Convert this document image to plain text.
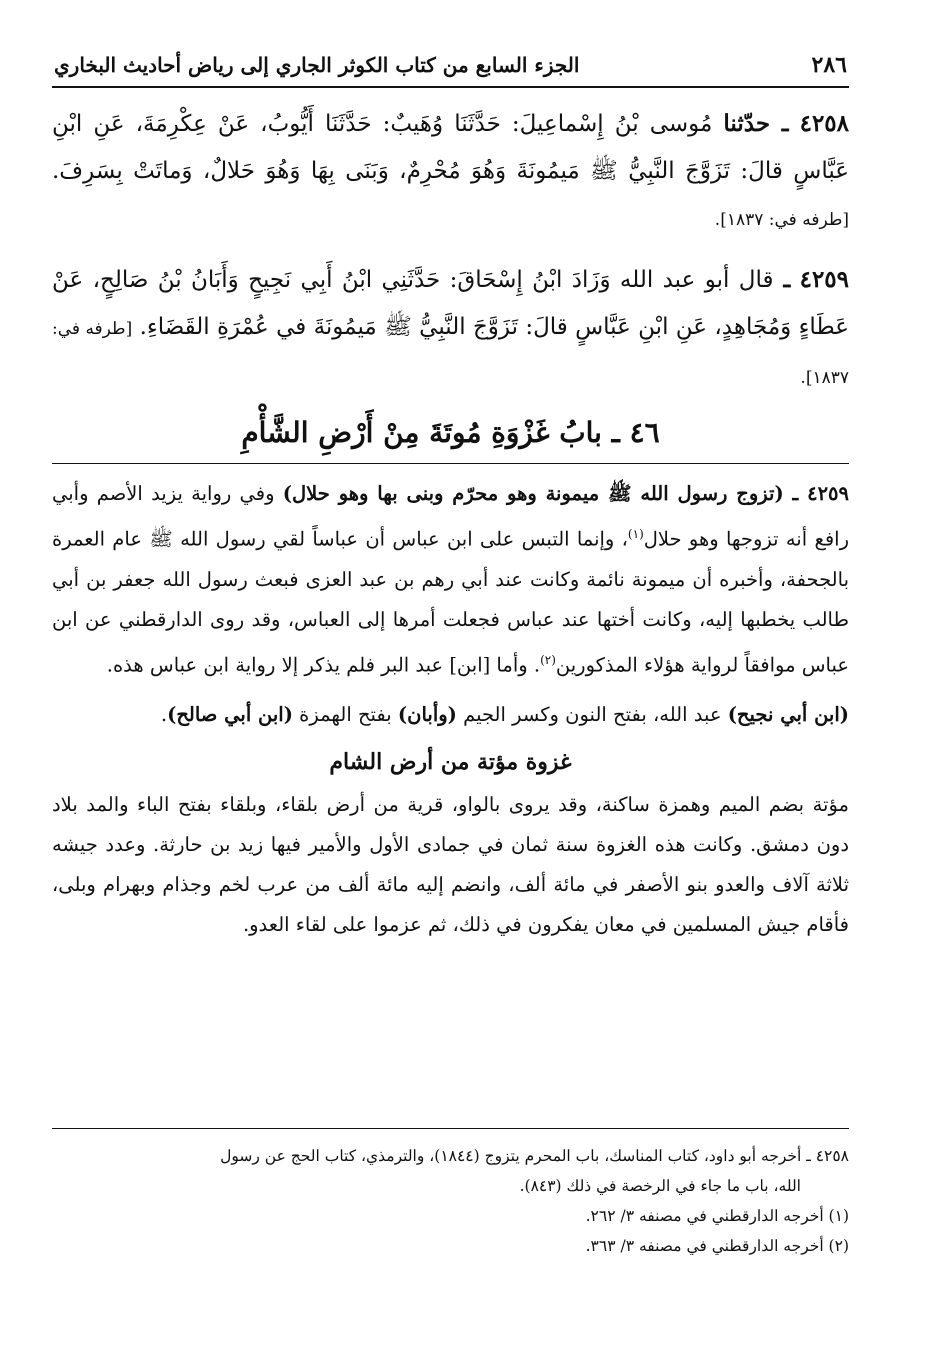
٢٨٦
الجزء السابع من كتاب الكوثر الجاري إلى رياض أحاديث البخاري

٤٢٥٨ ـ حدّثنا مُوسى بْنُ إِسْماعِيلَ: حَدَّثَنَا وُهَيبٌ: حَدَّثَنَا أَيُّوبُ، عَنْ عِكْرِمَةَ، عَنِ ابْنِ عَبَّاسٍ قالَ: تَزَوَّجَ النَّبِيُّ ﷺ مَيمُونَةَ وَهُوَ مُحْرِمٌ، وَبَنَى بِهَا وَهُوَ حَلالٌ، وَماتَتْ بِسَرِفَ. [طرفه في: ١٨٣٧].

٤٢٥٩ ـ قال أبو عبد الله وَزَادَ ابْنُ إِسْحَاقَ: حَدَّثَنِي ابْنُ أَبِي نَجِيحٍ وَأَبَانُ بْنُ صَالِحٍ، عَنْ عَطَاءٍ وَمُجَاهِدٍ، عَنِ ابْنِ عَبَّاسٍ قالَ: تَزَوَّجَ النَّبِيُّ ﷺ مَيمُونَةَ في عُمْرَةِ القَضَاءِ. [طرفه في: ١٨٣٧].

٤٦ ـ بابُ غَزْوَةِ مُوتَةَ مِنْ أَرْضِ الشَّأْمِ

٤٢٥٩ ـ (تزوج رسول الله ﷺ ميمونة وهو محرّم وبنى بها وهو حلال) وفي رواية يزيد الأصم وأبي رافع أنه تزوجها وهو حلال$^{(١)}$، وإنما التبس على ابن عباس أن عباساً لقي رسول الله ﷺ عام العمرة بالجحفة، وأخبره أن ميمونة نائمة وكانت عند أبي رهم بن عبد العزى فبعث رسول الله جعفر بن أبي طالب يخطبها إليه، وكانت أختها عند عباس فجعلت أمرها إلى العباس، وقد روى الدارقطني عن ابن عباس موافقاً لرواية هؤلاء المذكورين$^{(٢)}$. وأما [ابن] عبد البر فلم يذكر إلا رواية ابن عباس هذه.

(ابن أبي نجيح) عبد الله، بفتح النون وكسر الجيم (وأبان) بفتح الهمزة (ابن أبي صالح).

غزوة مؤتة من أرض الشام

مؤتة بضم الميم وهمزة ساكنة، وقد يروى بالواو، قرية من أرض بلقاء، وبلقاء بفتح الباء والمد بلاد دون دمشق. وكانت هذه الغزوة سنة ثمان في جمادى الأول والأمير فيها زيد بن حارثة. وعدد جيشه ثلاثة آلاف والعدو بنو الأصفر في مائة ألف، وانضم إليه مائة ألف من عرب لخم وجذام وبهرام وبلى، فأقام جيش المسلمين في معان يفكرون في ذلك، ثم عزموا على لقاء العدو.

٤٢٥٨ ـ أخرجه أبو داود، كتاب المناسك، باب المحرم يتزوج (١٨٤٤)، والترمذي، كتاب الحج عن رسول
الله، باب ما جاء في الرخصة في ذلك (٨٤٣).

(١) أخرجه الدارقطني في مصنفه ٣/ ٢٦٢.

(٢) أخرجه الدارقطني في مصنفه ٣/ ٣٦٣.
